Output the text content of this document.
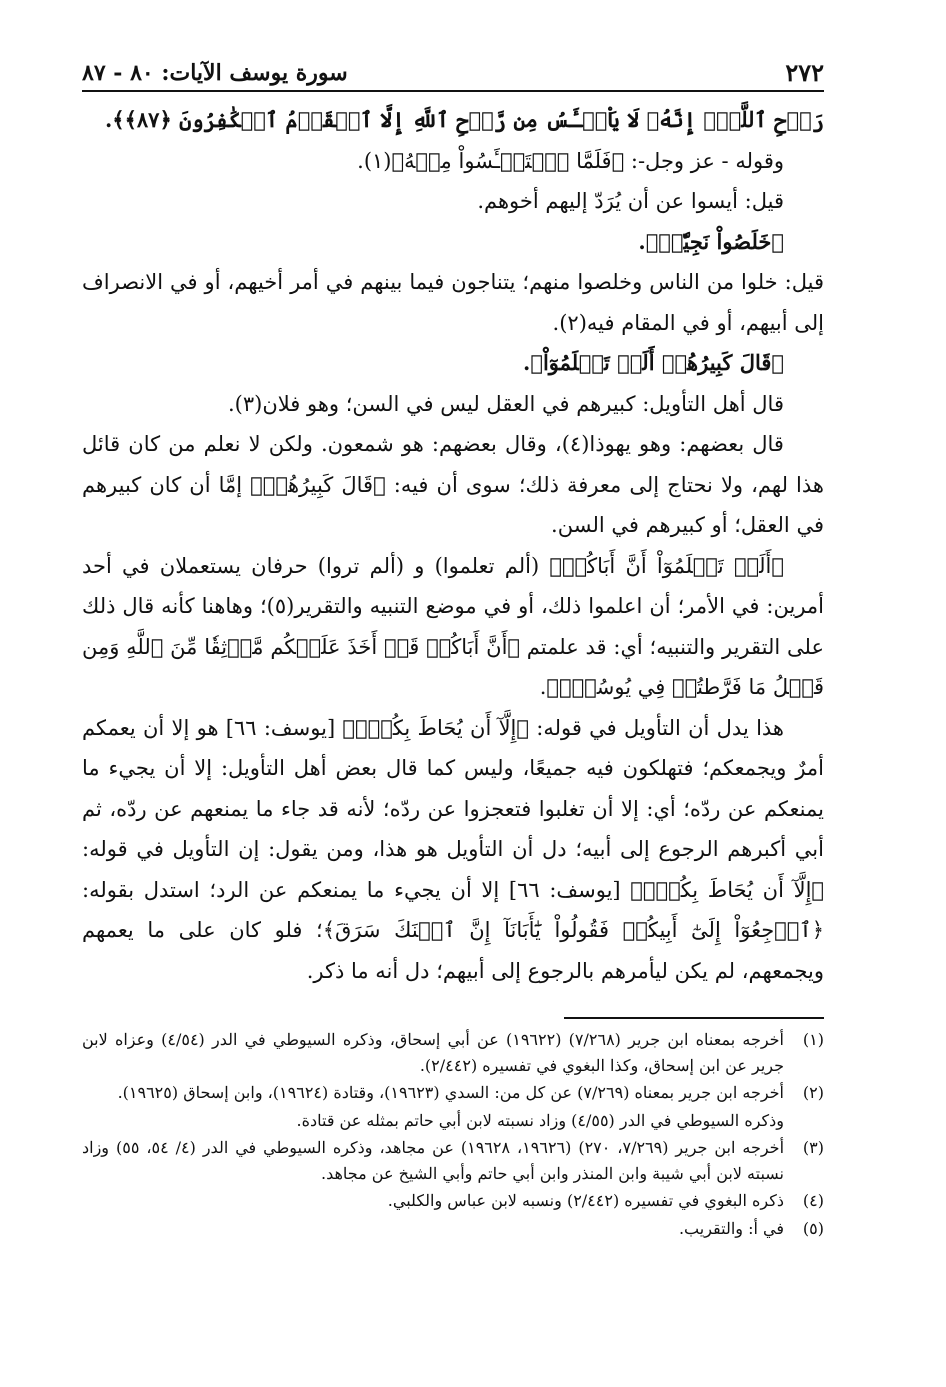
٢٧٢
سورة يوسف الآيات: ٨٠ - ٨٧

رَوۡحِ ٱللَّهِۖ إِنَّهُۥ لَا يَاْيۡـَٔسُ مِن رَّوۡحِ ٱللَّهِ إِلَّا ٱلۡقَوۡمُ ٱلۡكَٰفِرُونَ ﴿٨٧﴾﴾.

وقوله - عز وجل-: ﴿فَلَمَّا ٱسۡتَيۡـَٔسُواْ مِنۡهُ﴾(١).

قيل: أيسوا عن أن يُرَدّ إليهم أخوهم.

﴿خَلَصُواْ نَجِيّٗاۖ﴾.

قيل: خلوا من الناس وخلصوا منهم؛ يتناجون فيما بينهم في أمر أخيهم، أو في الانصراف إلى أبيهم، أو في المقام فيه(٢).

﴿قَالَ كَبِيرُهُمۡ أَلَمۡ تَعۡلَمُوٓاْ﴾.

قال أهل التأويل: كبيرهم في العقل ليس في السن؛ وهو فلان(٣).

قال بعضهم: وهو يهوذا(٤)، وقال بعضهم: هو شمعون. ولكن لا نعلم من كان قائل هذا لهم، ولا نحتاج إلى معرفة ذلك؛ سوى أن فيه: ﴿قَالَ كَبِيرُهُمۡ﴾ إمَّا أن كان كبيرهم في العقل؛ أو كبيرهم في السن.

﴿أَلَمۡ تَعۡلَمُوٓاْ أَنَّ أَبَاكُمۡ﴾ (ألم تعلموا) و (ألم تروا) حرفان يستعملان في أحد أمرين: في الأمر؛ أن اعلموا ذلك، أو في موضع التنبيه والتقرير(٥)؛ وهاهنا كأنه قال ذلك على التقرير والتنبيه؛ أي: قد علمتم ﴿أَنَّ أَبَاكُمۡ قَدۡ أَخَذَ عَلَيۡكُم مَّوۡثِقٗا مِّنَ ٱللَّهِ وَمِن قَبۡلُ مَا فَرَّطتُمۡ فِي يُوسُفَۖ﴾.

هذا يدل أن التأويل في قوله: ﴿إِلَّآ أَن يُحَاطَ بِكُمۡۖ﴾ [يوسف: ٦٦] هو إلا أن يعمكم أمرٌ ويجمعكم؛ فتهلكون فيه جميعًا، وليس كما قال بعض أهل التأويل: إلا أن يجيء ما يمنعكم عن ردّه؛ أي: إلا أن تغلبوا فتعجزوا عن ردّه؛ لأنه قد جاء ما يمنعهم عن ردّه، ثم أبي أكبرهم الرجوع إلى أبيه؛ دل أن التأويل هو هذا، ومن يقول: إن التأويل في قوله: ﴿إِلَّآ أَن يُحَاطَ بِكُمۡۖ﴾ [يوسف: ٦٦] إلا أن يجيء ما يمنعكم عن الرد؛ استدل بقوله: ﴿ٱرۡجِعُوٓاْ إِلَىٰٓ أَبِيكُمۡ فَقُولُواْ يَٰٓأَبَانَآ إِنَّ ٱبۡنَكَ سَرَقَ﴾؛ فلو كان على ما يعمهم ويجمعهم، لم يكن ليأمرهم بالرجوع إلى أبيهم؛ دل أنه ما ذكر.

(١)
أخرجه بمعناه ابن جرير (٧/٢٦٨) (١٩٦٢٢) عن أبي إسحاق، وذكره السيوطي في الدر (٤/٥٤) وعزاه لابن جرير عن ابن إسحاق، وكذا البغوي في تفسيره (٢/٤٤٢).
(٢)
أخرجه ابن جرير بمعناه (٧/٢٦٩) عن كل من: السدي (١٩٦٢٣)، وقتادة (١٩٦٢٤)، وابن إسحاق (١٩٦٢٥).
وذكره السيوطي في الدر (٤/٥٥) وزاد نسبته لابن أبي حاتم بمثله عن قتادة.
(٣)
أخرجه ابن جرير (٧/٢٦٩، ٢٧٠) (١٩٦٢٦، ١٩٦٢٨) عن مجاهد، وذكره السيوطي في الدر (٤/ ٥٤، ٥٥) وزاد نسبته لابن أبي شيبة وابن المنذر وابن أبي حاتم وأبي الشيخ عن مجاهد.
(٤)
ذكره البغوي في تفسيره (٢/٤٤٢) ونسبه لابن عباس والكلبي.
(٥)
في أ: والتقريب.
